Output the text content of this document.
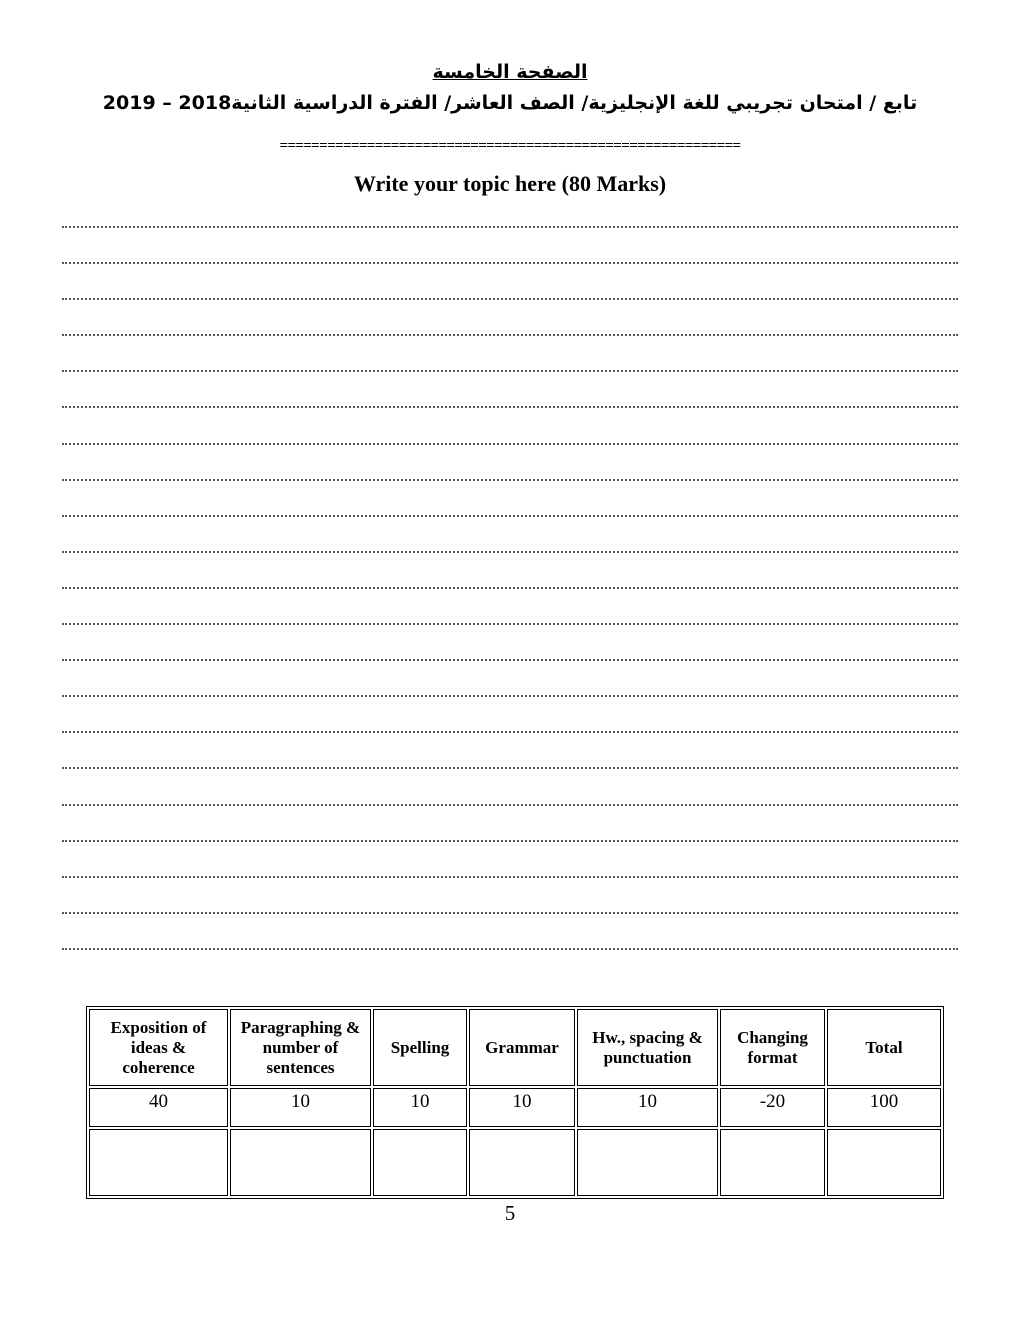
الصفحة الخامسة
تابع / امتحان تجريبي للغة الإنجليزية/ الصف العاشر/ الفترة الدراسية الثانية2018 – 2019
==========================================================
Write your topic here (80 Marks)
Exposition of ideas & coherence	Paragraphing & number of sentences	Spelling	Grammar	Hw., spacing & punctuation	Changing format	Total
40	10	10	10	10	-20	100

5
